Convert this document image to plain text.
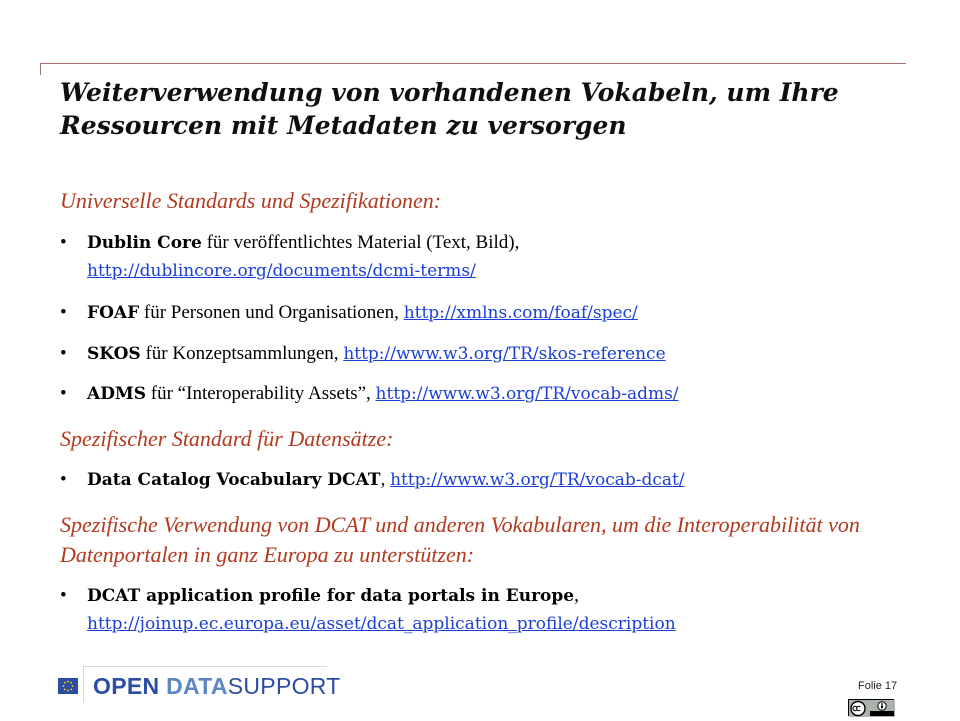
Weiterverwendung von vorhandenen Vokabeln, um Ihre Ressourcen mit Metadaten zu versorgen

Universelle Standards und Spezifikationen:

•	Dublin Core für veröffentlichtes Material (Text, Bild),
http://dublincore.org/documents/dcmi-terms/
•	FOAF für Personen und Organisationen, http://xmlns.com/foaf/spec/
•	SKOS für Konzeptsammlungen, http://www.w3.org/TR/skos-reference
•	ADMS für “Interoperability Assets”, http://www.w3.org/TR/vocab-adms/

Spezifischer Standard für Datensätze:

•	Data Catalog Vocabulary DCAT, http://www.w3.org/TR/vocab-dcat/

Spezifische Verwendung von DCAT und anderen Vokabularen, um die Interoperabilität von Datenportalen in ganz Europa zu unterstützen:

•	DCAT application profile for data portals in Europe,
http://joinup.ec.europa.eu/asset/dcat_application_profile/description
OPEN DATASUPPORT	Folie 17
